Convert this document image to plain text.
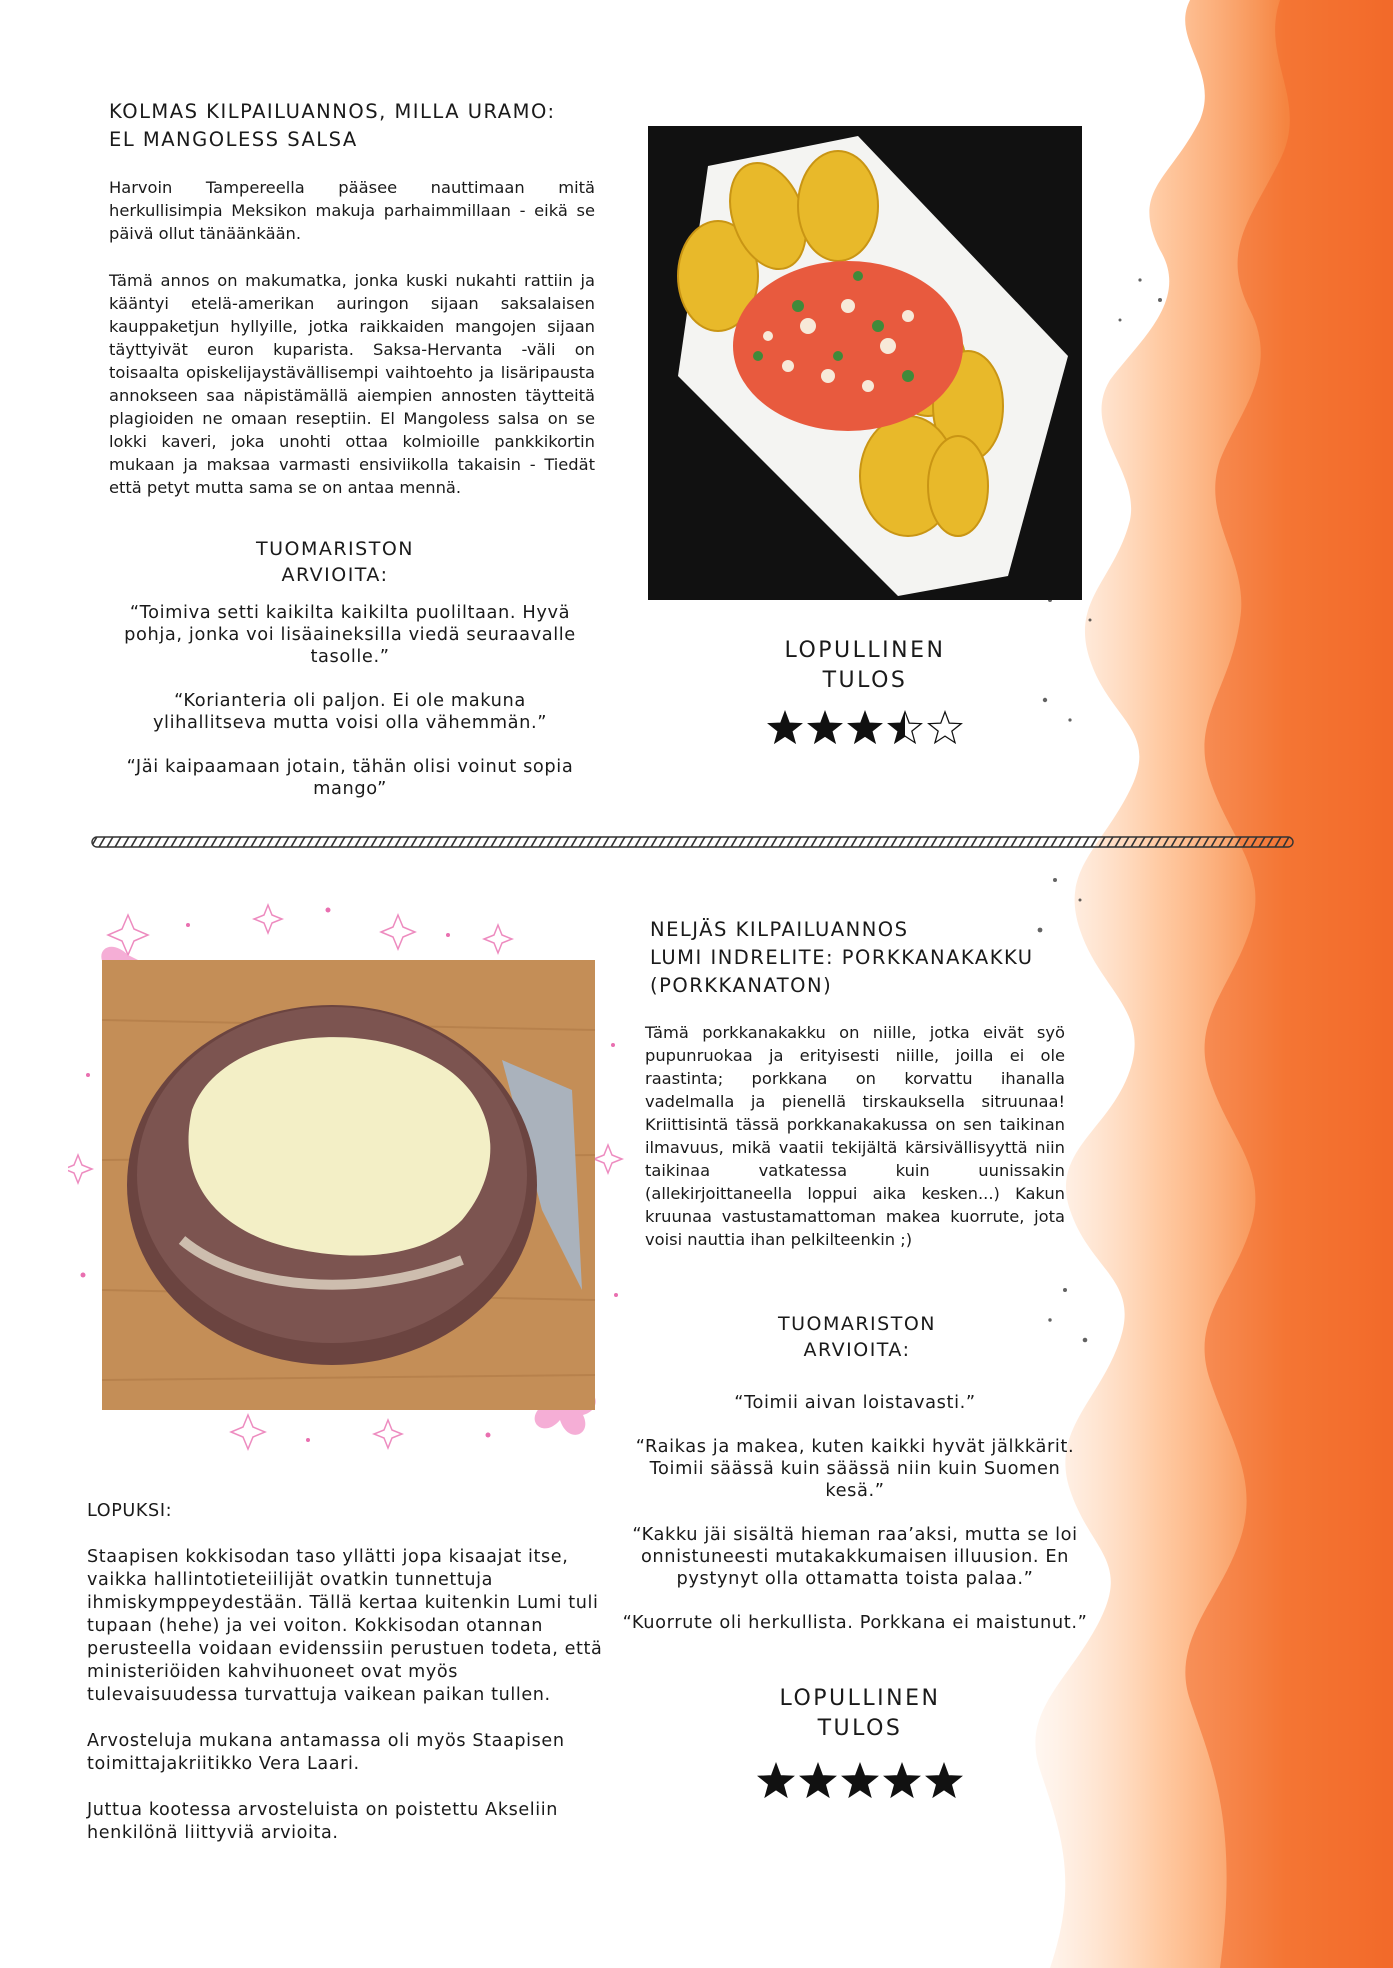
KOLMAS KILPAILUANNOS, MILLA URAMO:
EL MANGOLESS SALSA

Harvoin Tampereella pääsee nauttimaan mitä herkullisimpia Meksikon makuja parhaimmillaan - eikä se päivä ollut tänäänkään.

Tämä annos on makumatka, jonka kuski nukahti rattiin ja kääntyi etelä-amerikan auringon sijaan saksalaisen kauppaketjun hyllyille, jotka raikkaiden mangojen sijaan täyttyivät euron kuparista. Saksa-Hervanta -väli on toisaalta opiskelijaystävällisempi vaihtoehto ja lisäripausta annokseen saa näpistämällä aiempien annosten täytteitä plagioiden ne omaan reseptiin. El Mangoless salsa on se lokki kaveri, joka unohti ottaa kolmioille pankkikortin mukaan ja maksaa varmasti ensiviikolla takaisin - Tiedät että petyt mutta sama se on antaa mennä.

TUOMARISTON
ARVIOITA:

“Toimiva setti kaikilta kaikilta puoliltaan. Hyvä pohja, jonka voi lisäaineksilla viedä seuraavalle tasolle.”

“Korianteria oli paljon. Ei ole makuna ylihallitseva mutta voisi olla vähemmän.”

“Jäi kaipaamaan jotain, tähän olisi voinut sopia mango”

LOPULLINEN
TULOS
NELJÄS KILPAILUANNOS
LUMI INDRELITE: PORKKANAKAKKU
(PORKKANATON)

Tämä porkkanakakku on niille, jotka eivät syö pupunruokaa ja erityisesti niille, joilla ei ole raastinta; porkkana on korvattu ihanalla vadelmalla ja pienellä tirskauksella sitruunaa! Kriittisintä tässä porkkanakakussa on sen taikinan ilmavuus, mikä vaatii tekijältä kärsivällisyyttä niin taikinaa vatkatessa kuin uunissakin (allekirjoittaneella loppui aika kesken...) Kakun kruunaa vastustamattoman makea kuorrute, jota voisi nauttia ihan pelkilteenkin ;)

TUOMARISTON
ARVIOITA:

“Toimii aivan loistavasti.”

“Raikas ja makea, kuten kaikki hyvät jälkkärit. Toimii säässä kuin säässä niin kuin Suomen kesä.”

“Kakku jäi sisältä hieman raa’aksi, mutta se loi onnistuneesti mutakakkumaisen illuusion. En pystynyt olla ottamatta toista palaa.”

“Kuorrute oli herkullista. Porkkana ei maistunut.”

LOPULLINEN
TULOS

LOPUKSI:

Staapisen kokkisodan taso yllätti jopa kisaajat itse, vaikka hallintotieteiilijät ovatkin tunnettuja ihmiskymppeydestään. Tällä kertaa kuitenkin Lumi tuli tupaan (hehe) ja vei voiton. Kokkisodan otannan perusteella voidaan evidenssiin perustuen todeta, että ministeriöiden kahvihuoneet ovat myös tulevaisuudessa turvattuja vaikean paikan tullen.

Arvosteluja mukana antamassa oli myös Staapisen toimittajakriitikko Vera Laari.

Juttua kootessa arvosteluista on poistettu Akseliin henkilönä liittyviä arvioita.
